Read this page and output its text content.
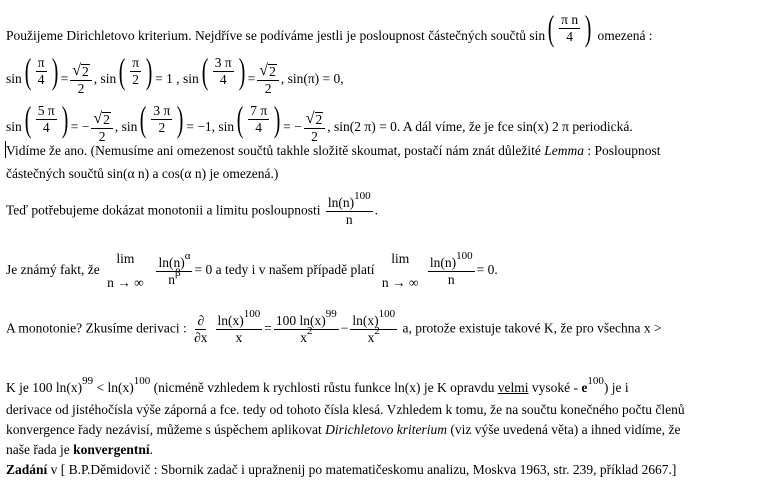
Použijeme Dirichletovo kriterium. Nejdříve se podíváme jestli je posloupnost částečných součtů sin ( $\frac{\text{π n}}{4}$ ) omezená :
sin ( $\frac{\pi}{4}$ ) = $\frac{√ 2}{2}$ , sin ( $\frac{\pi}{2}$ ) = 1 , sin ( $\frac{3 \pi}{4}$ ) = $\frac{√ 2}{2}$ , sin(π) = 0,
sin ( $\frac{5 \pi}{4}$ ) = − $\frac{√ 2}{2}$ , sin ( $\frac{3 \pi}{2}$ ) = −1, sin ( $\frac{7 \pi}{4}$ ) = − $\frac{√ 2}{2}$ , sin(2 π) = 0. A dál víme, že je fce sin(x) 2 π periodická.
Vidíme že ano. (Nemusíme ani omezenost součtů takhle složitě skoumat, postačí nám znát důležité Lemma : Posloupnost
částečných součtů sin(α n) a cos(α n) je omezená.)
Teď potřebujeme dokázat monotonii a limitu posloupnosti $\frac{\ln(n)^{100}}{n}$ .
Je známý fakt, že
lim
n → ∞
$\frac{\ln(n)^\alpha}{n^\beta} = 0$ a tedy i v našem případě platí
lim
n → ∞
$\frac{\ln(n)^{100}}{n} = 0$.
A monotonie? Zkusíme derivaci : $\frac{\partial}{\partial x} \frac{\ln(x)^{100}}{x} = \frac{100 \ln(x)^{99}}{x^2} - \frac{\ln(x)^{100}}{x^2} a$, protože existuje takové K, že pro všechna x >
K je 100 $\ln(x)^{99} < \ln(x)^{100}$ (nicméně vzhledem k rychlosti růstu funkce ln(x) je K opravdu velmi vysoké - $e^{100}$) je i
derivace od jistéhočísla výše záporná a fce. tedy od tohoto čísla klesá. Vzhledem k tomu, že na součtu konečného počtu členů
konvergence řady nezávisí, můžeme s úspěchem aplikovat Dirichletovo kriterium (viz výše uvedená věta) a ihned vidíme, že
naše řada je konvergentní.
Zadání v [ B.P.Děmidovič : Sbornik zadač i upražnenij po matematičeskomu analizu, Moskva 1963, str. 239, příklad 2667.]
